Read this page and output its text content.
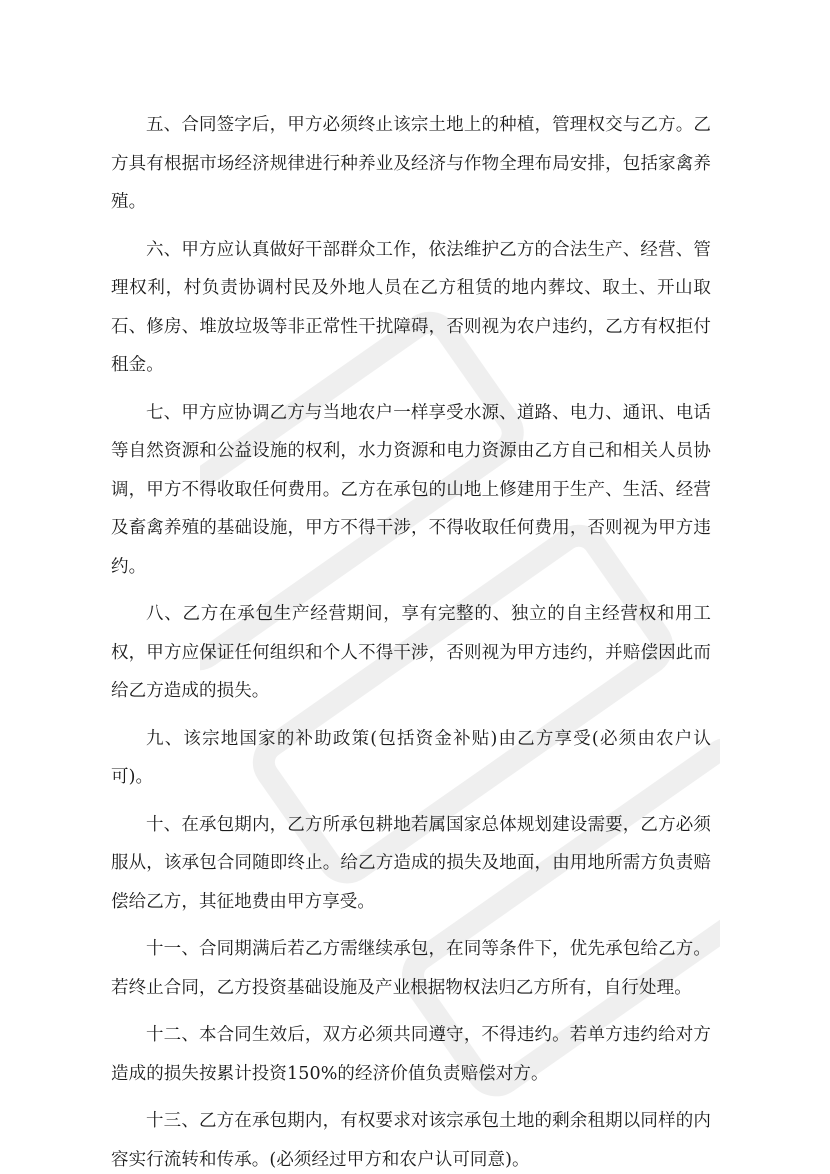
五、合同签字后，甲方必须终止该宗土地上的种植，管理权交与乙方。乙方具有根据市场经济规律进行种养业及经济与作物全理布局安排，包括家禽养殖。

六、甲方应认真做好干部群众工作，依法维护乙方的合法生产、经营、管理权利，村负责协调村民及外地人员在乙方租赁的地内葬坟、取土、开山取石、修房、堆放垃圾等非正常性干扰障碍，否则视为农户违约，乙方有权拒付租金。

七、甲方应协调乙方与当地农户一样享受水源、道路、电力、通讯、电话等自然资源和公益设施的权利，水力资源和电力资源由乙方自己和相关人员协调，甲方不得收取任何费用。乙方在承包的山地上修建用于生产、生活、经营及畜禽养殖的基础设施，甲方不得干涉，不得收取任何费用，否则视为甲方违约。

八、乙方在承包生产经营期间，享有完整的、独立的自主经营权和用工权，甲方应保证任何组织和个人不得干涉，否则视为甲方违约，并赔偿因此而给乙方造成的损失。

九、该宗地国家的补助政策(包括资金补贴)由乙方享受(必须由农户认可)。

十、在承包期内，乙方所承包耕地若属国家总体规划建设需要，乙方必须服从，该承包合同随即终止。给乙方造成的损失及地面，由用地所需方负责赔偿给乙方，其征地费由甲方享受。

十一、合同期满后若乙方需继续承包，在同等条件下，优先承包给乙方。若终止合同，乙方投资基础设施及产业根据物权法归乙方所有，自行处理。

十二、本合同生效后，双方必须共同遵守，不得违约。若单方违约给对方造成的损失按累计投资150%的经济价值负责赔偿对方。

十三、乙方在承包期内，有权要求对该宗承包土地的剩余租期以同样的内容实行流转和传承。(必须经过甲方和农户认可同意)。
